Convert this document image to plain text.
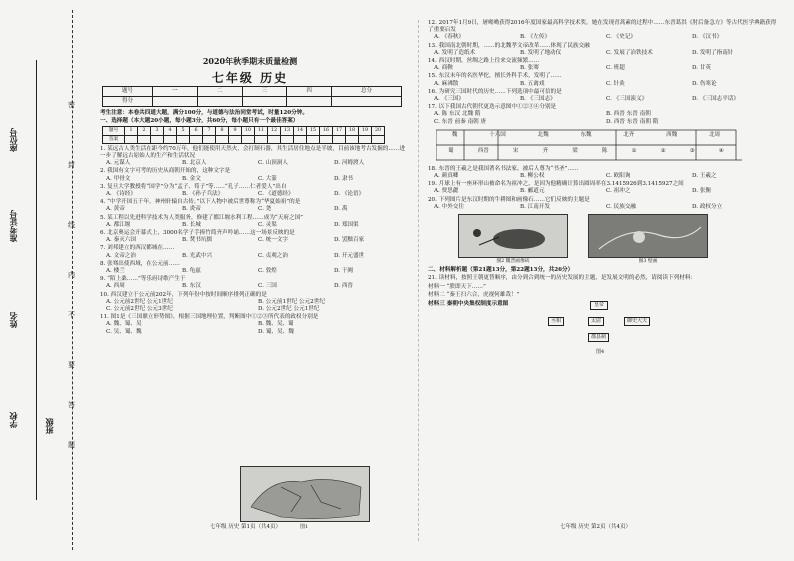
座位号
准考证号
姓名
学校	班级
密
封
线
内
不
要
答
题
2020年秋季期末质量检测
七年级 历史
题号	一	二	三	四	总分
得分					
考生注意：本卷共四道大题，满分100分，与道德与法治同堂考试，时量120分钟。
一、选择题（本大题20小题，每小题3分，共60分，每小题只有一个最佳答案）
题号	1	2	3	4	5	6	7	8	9	10	11	12	13	14	15	16	17	18	19	20
答案																				
1. 某远古人类生活在距今约70万年，他们能使用天然火，会打制石器，其生活居住地点是半坡，目前该地考古发掘的……进一步了解远古原始人的生产和生活状况
A. 元谋人	B. 北京人	C. 山顶洞人	D. 河姆渡人
2. 我国有文字可考的历史从商朝开始的，这种文字是
A. 甲骨文	B. 金文	C. 大篆	D. 隶书
3. 复旦大学教授将“国学”分为“孟子、荀子”等……“孔子……仁者爱人”出自
A. 《诗经》	B. 《孙子兵法》	C. 《道德经》	D. 《论语》
4. “中学开国五千年，神州轩辕自古传。”以下人物中被后世尊称为“华夏始祖”的是
A. 黄帝	B. 炎帝	C. 尧	D. 禹
5. 某工程以先进科学技术为人类服务，修建了都江堰水利工程……成为“天府之国”
A. 都江堰	B. 长城	C. 灵渠	D. 郑国渠
6. 北京奥运会开幕式上，3000名学子手捧竹简齐声吟诵……这一场景反映的是
A. 秦灭六国	B. 焚书坑儒	C. 统一文字	D. 罢黜百家
7. 刘邦建立的西汉都城在……
A. 文帝之治	B. 光武中兴	C. 贞观之治	D. 开元盛世
8. 张骞出使西域，在公元前……
A. 楼兰	B. 龟兹	C. 敦煌	D. 于阗
9. “陌上桑……”等乐府诗歌产生于
A. 西周	B. 东汉	C. 三国	D. 西晋
10. 西汉建立于公元前202年，下列年份中按时间顺序排列正确的是
A. 公元前2世纪 公元1世纪	B. 公元前1世纪 公元2世纪
C. 公元前2世纪 公元3世纪	D. 公元2世纪 公元1世纪
11. 图1是《三国鼎立形势图》，根据三国地理位置，判断图中①②③所代表的政权分别是
A. 魏、蜀、吴	B. 魏、吴、蜀
C. 吴、蜀、魏	D. 蜀、吴、魏
图1
12. 2017年1月9日，屠呦呦获得2016年度国家最高科学技术奖。她在发现青蒿素的过程中……东晋葛洪《肘后备急方》等古代医学典籍获得了重要启发
A. 《春秋》	B. 《左传》	C. 《史记》	D. 《汉书》
13. 我国南北朝时期，……的北魏孝文帝改革……体现了民族交融
A. 发明了造纸术	B. 发明了地动仪	C. 发展了冶铁技术	D. 发明了指南针
14. 西汉时期，丝绸之路上往来交流频繁……
A. 商鞅	B. 张骞	C. 班超	D. 甘英
15. 东汉末年的名医华佗，擅长外科手术，发明了……
A. 麻沸散	B. 五禽戏	C. 针灸	D. 伤寒论
16. 为研究三国时代的历史……下列选项中最可信的是
A. 《三国》	B. 《三国志》	C. 《三国演义》	D. 《三国志平话》
17. 以下我国古代朝代更迭示意图中①②③④分别是
A. 陈 东汉 北魏 隋	B. 西晋 东晋 南朝
C. 东晋 前秦 南朝 唐	D. 西晋 东晋 南朝 隋
魏	十六国	北魏	东魏	北齐	西魏	北周
蜀	西晋	宋	齐	梁	陈	①	②	③	④
18. 东晋的王羲之是我国著名书法家，被后人尊为“书圣”……
A. 颜真卿	B. 柳公权	C. 欧阳询	D. 王羲之
19. 月球上有一座环形山被命名为祖冲之，是因为他精确计算出圆周率在3.1415926到3.1415927之间
A. 贾思勰	B. 郦道元	C. 祖冲之	D. 张衡
20. 下列图片是东汉时期的牛耕图和画像石……它们反映的主题是
A. 中外交往	B. 江南开发	C. 民族交融	D. 政权分立
图2 魏晋画像砖	图3 壁画
二、材料解析题（第21题13分，第22题13分，共26分）
21. 读材料，按照王朝更替顺序，由分到合到统一的历史发展的主题，是发展文明的必然，请阅读下列材料：
材料一 “朕即天下……”
材料二 “秦王扫六合，虎视何雄哉！”
材料三 秦朝中央集权制度示意图	皇帝
丞相	太尉	御史大夫
郡县制
图4
七年级 历史 第1页（共4页）	七年级 历史 第2页（共4页）
